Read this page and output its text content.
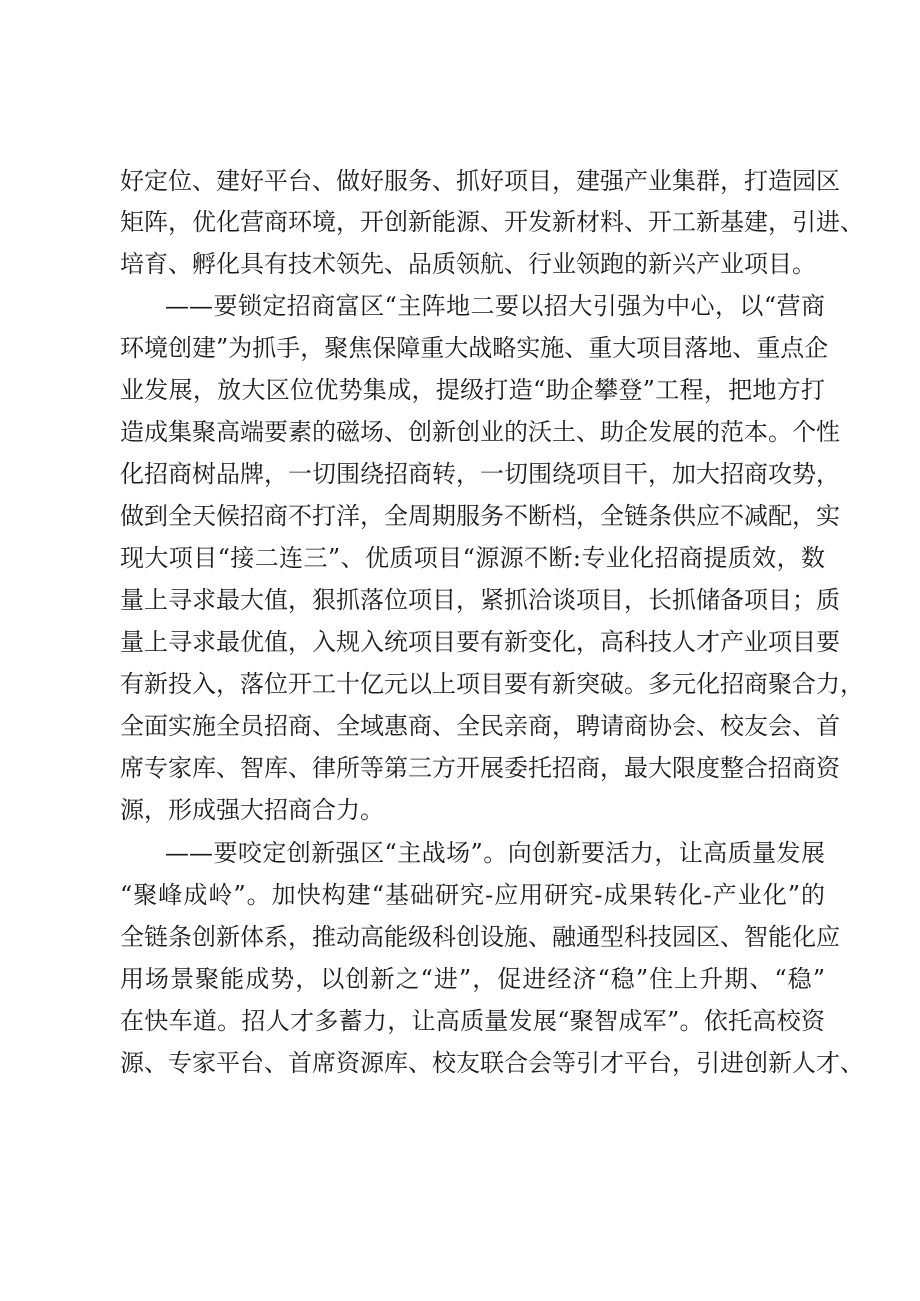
好定位、建好平台、做好服务、抓好项目，建强产业集群，打造园区
矩阵，优化营商环境，开创新能源、开发新材料、开工新基建，引进、
培育、孵化具有技术领先、品质领航、行业领跑的新兴产业项目。
——要锁定招商富区“主阵地二要以招大引强为中心，以“营商
环境创建”为抓手，聚焦保障重大战略实施、重大项目落地、重点企
业发展，放大区位优势集成，提级打造“助企攀登”工程，把地方打
造成集聚高端要素的磁场、创新创业的沃土、助企发展的范本。个性
化招商树品牌，一切围绕招商转，一切围绕项目干，加大招商攻势，
做到全天候招商不打洋，全周期服务不断档，全链条供应不减配，实
现大项目“接二连三”、优质项目“源源不断:专业化招商提质效，数
量上寻求最大值，狠抓落位项目，紧抓洽谈项目，长抓储备项目；质
量上寻求最优值，入规入统项目要有新变化，高科技人才产业项目要
有新投入，落位开工十亿元以上项目要有新突破。多元化招商聚合力，
全面实施全员招商、全域惠商、全民亲商，聘请商协会、校友会、首
席专家库、智库、律所等第三方开展委托招商，最大限度整合招商资
源，形成强大招商合力。
——要咬定创新强区“主战场”。向创新要活力，让高质量发展
“聚峰成岭”。加快构建“基础研究-应用研究-成果转化-产业化”的
全链条创新体系，推动高能级科创设施、融通型科技园区、智能化应
用场景聚能成势，以创新之“进”，促进经济“稳”住上升期、“稳”
在快车道。招人才多蓄力，让高质量发展“聚智成军”。依托高校资
源、专家平台、首席资源库、校友联合会等引才平台，引进创新人才、
